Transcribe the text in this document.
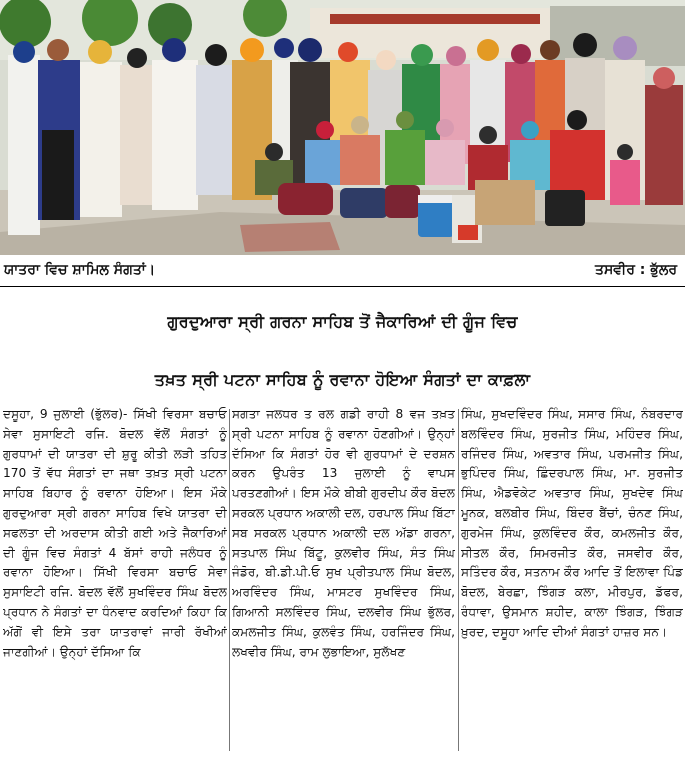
ਯਾਤਰਾ ਵਿਚ ਸ਼ਾਮਿਲ ਸੰਗਤਾਂ।	ਤਸਵੀਰ : ਭੁੱਲਰ
ਗੁਰਦੁਆਰਾ ਸ੍ਰੀ ਗਰਨਾ ਸਾਹਿਬ ਤੋਂ ਜੈਕਾਰਿਆਂ ਦੀ ਗੂੰਜ ਵਿਚ
ਤਖ਼ਤ ਸ੍ਰੀ ਪਟਨਾ ਸਾਹਿਬ ਨੂੰ ਰਵਾਨਾ ਹੋਇਆ ਸੰਗਤਾਂ ਦਾ ਕਾਫ਼ਲਾ

ਦਸੂਹਾ, 9 ਜੁਲਾਈ (ਭੁੱਲਰ)- ਸਿੱਖੀ ਵਿਰਸਾ ਬਚਾਓ ਸੇਵਾ ਸੁਸਾਇਟੀ ਰਜਿ. ਬੋਦਲ ਵੱਲੋਂ ਸੰਗਤਾਂ ਨੂੰ ਗੁਰਧਾਮਾਂ ਦੀ ਯਾਤਰਾ ਦੀ ਸ਼ੁਰੂ ਕੀਤੀ ਲੜੀ ਤਹਿਤ 170 ਤੋਂ ਵੱਧ ਸੰਗਤਾਂ ਦਾ ਜਥਾ ਤਖ਼ਤ ਸ੍ਰੀ ਪਟਨਾ ਸਾਹਿਬ ਬਿਹਾਰ ਨੂੰ ਰਵਾਨਾ ਹੋਇਆ। ਇਸ ਮੌਕੇ ਗੁਰਦੁਆਰਾ ਸ੍ਰੀ ਗਰਨਾ ਸਾਹਿਬ ਵਿਖੇ ਯਾਤਰਾ ਦੀ ਸਫਲਤਾ ਦੀ ਅਰਦਾਸ ਕੀਤੀ ਗਈ ਅਤੇ ਜੈਕਾਰਿਆਂ ਦੀ ਗੂੰਜ ਵਿਚ ਸੰਗਤਾਂ 4 ਬੱਸਾਂ ਰਾਹੀ ਜਲੰਧਰ ਨੂੰ ਰਵਾਨਾ ਹੋਇਆ। ਸਿੱਖੀ ਵਿਰਸਾ ਬਚਾਓ ਸੇਵਾ ਸੁਸਾਇਟੀ ਰਜਿ. ਬੋਦਲ ਵੱਲੋਂ ਸੁਖਵਿੰਦਰ ਸਿੰਘ ਬੋਦਲ ਪ੍ਰਧਾਨ ਨੇ ਸੰਗਤਾਂ ਦਾ ਧੰਨਵਾਦ ਕਰਦਿਆਂ ਕਿਹਾ ਕਿ ਅੱਗੋਂ ਵੀ ਇਸੇ ਤਰਾ ਯਾਤਰਾਵਾਂ ਜਾਰੀ ਰੱਖੀਆਂ ਜਾਣਗੀਆਂ। ਉਨ੍ਹਾਂ ਦੱਸਿਆ ਕਿ

ਸਗਤਾ ਜਲਧਰ ਤ ਰਲ ਗਡੀ ਰਾਹੀ 8 ਵਜ ਤਖ਼ਤ ਸ੍ਰੀ ਪਟਨਾ ਸਾਹਿਬ ਨੂੰ ਰਵਾਨਾ ਹੋਣਗੀਆਂ। ਉਨ੍ਹਾਂ ਦੱਸਿਆ ਕਿ ਸੰਗਤਾਂ ਹੋਰ ਵੀ ਗੁਰਧਾਮਾਂ ਦੇ ਦਰਸ਼ਨ ਕਰਨ ਉਪਰੰਤ 13 ਜੁਲਾਈ ਨੂੰ ਵਾਪਸ ਪਰਤਣਗੀਆਂ। ਇਸ ਮੌਕੇ ਬੀਬੀ ਗੁਰਦੀਪ ਕੌਰ ਬੋਦਲ ਸਰਕਲ ਪ੍ਰਧਾਨ ਅਕਾਲੀ ਦਲ, ਹਰਪਾਲ ਸਿੰਘ ਬਿੱਟਾ ਸਬ ਸਰਕਲ ਪ੍ਰਧਾਨ ਅਕਾਲੀ ਦਲ ਅੱਡਾ ਗਰਨਾ, ਸਤਪਾਲ ਸਿੰਘ ਬਿੱਟੂ, ਕੁਲਵੀਰ ਸਿੰਘ, ਸੰਤ ਸਿੰਘ ਜੰਡੋਰ, ਬੀ.ਡੀ.ਪੀ.ਓ ਸੁਖ ਪ੍ਰੀਤਪਾਲ ਸਿੰਘ ਬੋਦਲ, ਅਰਵਿੰਦਰ ਸਿੰਘ, ਮਾਸਟਰ ਸੁਖਵਿੰਦਰ ਸਿੰਘ, ਗਿਆਨੀ ਸਲਵਿੰਦਰ ਸਿੰਘ, ਦਲਵੀਰ ਸਿੰਘ ਭੁੱਲਰ, ਕਮਲਜੀਤ ਸਿੰਘ, ਕੁਲਵੰਤ ਸਿੰਘ, ਹਰਜਿੰਦਰ ਸਿੰਘ, ਲਖਵੀਰ ਸਿੰਘ, ਰਾਮ ਲੁਭਾਇਆ, ਸੁਲੱਖਣ

ਸਿੰਘ, ਸੁਖਦਵਿੰਦਰ ਸਿੰਘ, ਸਸਾਰ ਸਿੰਘ, ਨੰਬਰਦਾਰ ਬਲਵਿੰਦਰ ਸਿੰਘ, ਸੁਰਜੀਤ ਸਿੰਘ, ਮਹਿੰਦਰ ਸਿੰਘ, ਰਜਿੰਦਰ ਸਿੰਘ, ਅਵਤਾਰ ਸਿੰਘ, ਪਰਮਜੀਤ ਸਿੰਘ, ਭੁਪਿੰਦਰ ਸਿੰਘ, ਛਿੰਦਰਪਾਲ ਸਿੰਘ, ਮਾ. ਸੁਰਜੀਤ ਸਿੰਘ, ਐਡਵੋਕੇਟ ਅਵਤਾਰ ਸਿੰਘ, ਸੁਖਦੇਵ ਸਿੰਘ ਮੂਨਕ, ਬਲਬੀਰ ਸਿੰਘ, ਬਿੰਦਰ ਬੈਂਚਾਂ, ਚੰਨਣ ਸਿੰਘ, ਗੁਰਮੇਜ ਸਿੰਘ, ਕੁਲਵਿੰਦਰ ਕੌਰ, ਕਮਲਜੀਤ ਕੌਰ, ਸੀਤਲ ਕੌਰ, ਸਿਮਰਜੀਤ ਕੌਰ, ਜਸਵੀਰ ਕੌਰ, ਸਤਿੰਦਰ ਕੌਰ, ਸਤਨਾਮ ਕੌਰ ਆਦਿ ਤੋਂ ਇਲਾਵਾ ਪਿੰਡ ਬੋਦਲ, ਬੇਰਛਾ, ਝਿੰਗੜ ਕਲਾ, ਮੀਰਪੁਰ, ਡੱਫਰ, ਰੰਧਾਵਾ, ਉਸਮਾਨ ਸ਼ਹੀਦ, ਕਾਲਾ ਝਿੰਗੜ, ਝਿੰਗੜ ਖ਼ੁਰਦ, ਦਸੂਹਾ ਆਦਿ ਦੀਆਂ ਸੰਗਤਾਂ ਹਾਜ਼ਰ ਸਨ।
